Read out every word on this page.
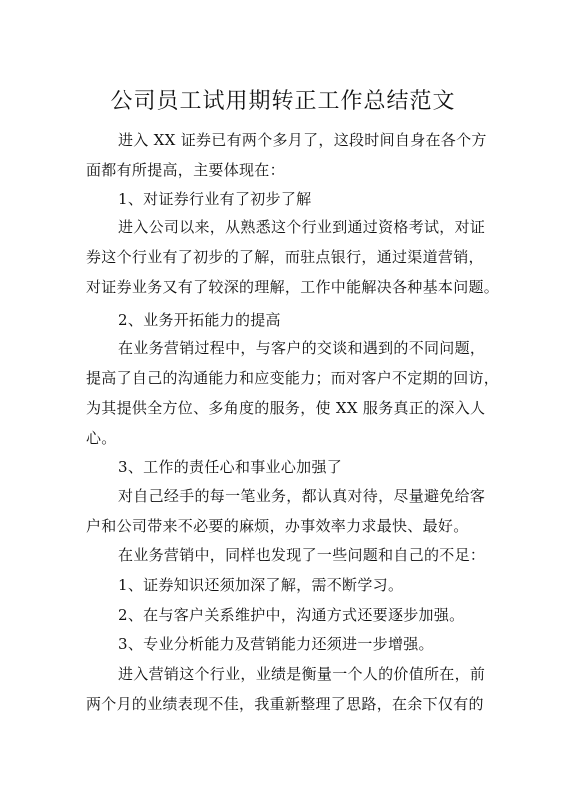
公司员工试用期转正工作总结范文
进入 XX 证券已有两个多月了，这段时间自身在各个方
面都有所提高，主要体现在：
1、对证券行业有了初步了解
进入公司以来，从熟悉这个行业到通过资格考试，对证
券这个行业有了初步的了解，而驻点银行，通过渠道营销，
对证券业务又有了较深的理解，工作中能解决各种基本问题。
2、业务开拓能力的提高
在业务营销过程中，与客户的交谈和遇到的不同问题，
提高了自己的沟通能力和应变能力；而对客户不定期的回访，
为其提供全方位、多角度的服务，使 XX 服务真正的深入人
心。
3、工作的责任心和事业心加强了
对自己经手的每一笔业务，都认真对待，尽量避免给客
户和公司带来不必要的麻烦，办事效率力求最快、最好。
在业务营销中，同样也发现了一些问题和自己的不足：
1、证券知识还须加深了解，需不断学习。
2、在与客户关系维护中，沟通方式还要逐步加强。
3、专业分析能力及营销能力还须进一步增强。
进入营销这个行业，业绩是衡量一个人的价值所在，前
两个月的业绩表现不佳，我重新整理了思路，在余下仅有的
